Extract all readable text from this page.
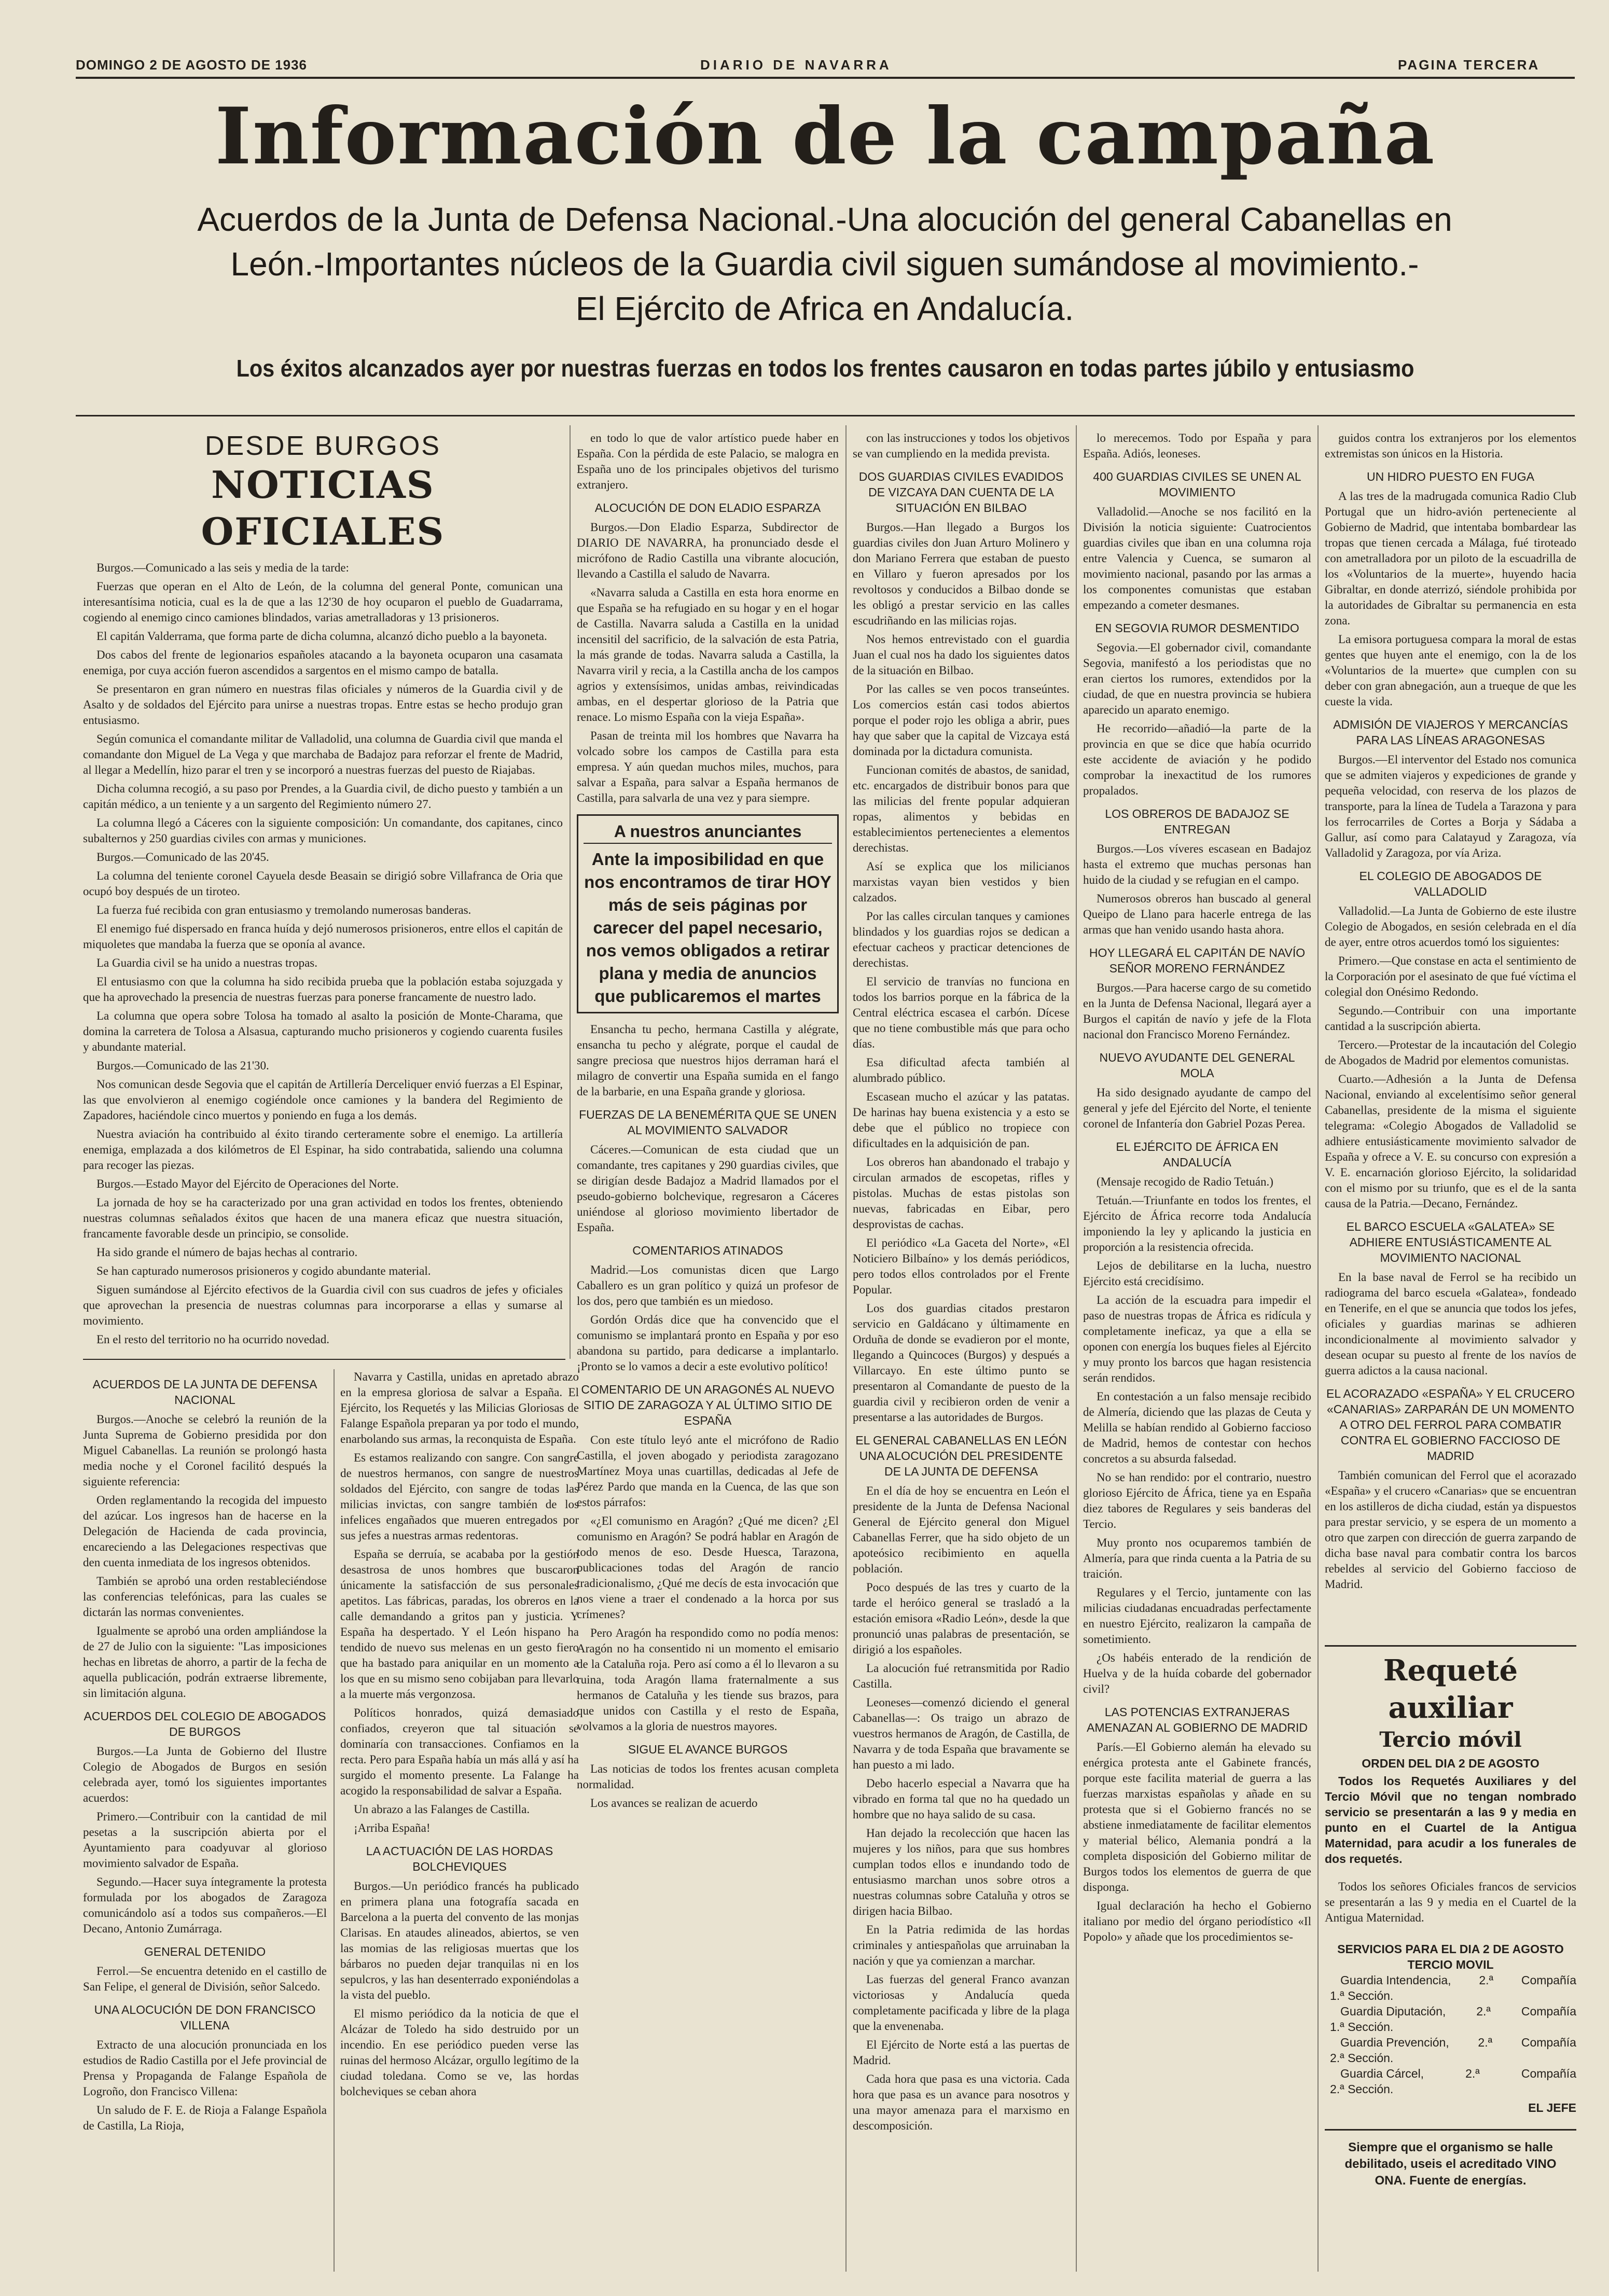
DOMINGO 2 DE AGOSTO DE 1936	DIARIO DE NAVARRA	PAGINA TERCERA
Información de la campaña
Acuerdos de la Junta de Defensa Nacional.-Una alocución del general Cabanellas en
León.-Importantes núcleos de la Guardia civil siguen sumándose al movimiento.-
El Ejército de Africa en Andalucía.
Los éxitos alcanzados ayer por nuestras fuerzas en todos los frentes causaron en todas partes júbilo y entusiasmo
DESDE BURGOS
NOTICIAS OFICIALES

Burgos.—Comunicado a las seis y media de la tarde:

Fuerzas que operan en el Alto de León, de la columna del general Ponte, comunican una interesantísima noticia, cual es la de que a las 12'30 de hoy ocuparon el pueblo de Guadarrama, cogiendo al enemigo cinco camiones blindados, varias ametralladoras y 13 prisioneros.

El capitán Valderrama, que forma parte de dicha columna, alcanzó dicho pueblo a la bayoneta.

Dos cabos del frente de legionarios españoles atacando a la bayoneta ocuparon una casamata enemiga, por cuya acción fueron ascendidos a sargentos en el mismo campo de batalla.

Se presentaron en gran número en nuestras filas oficiales y números de la Guardia civil y de Asalto y de soldados del Ejército para unirse a nuestras tropas. Entre estas se hecho produjo gran entusiasmo.

Según comunica el comandante militar de Valladolid, una columna de Guardia civil que manda el comandante don Miguel de La Vega y que marchaba de Badajoz para reforzar el frente de Madrid, al llegar a Medellín, hizo parar el tren y se incorporó a nuestras fuerzas del puesto de Riajabas.

Dicha columna recogió, a su paso por Prendes, a la Guardia civil, de dicho puesto y también a un capitán médico, a un teniente y a un sargento del Regimiento número 27.

La columna llegó a Cáceres con la siguiente composición: Un comandante, dos capitanes, cinco subalternos y 250 guardias civiles con armas y municiones.

Burgos.—Comunicado de las 20'45.

La columna del teniente coronel Cayuela desde Beasain se dirigió sobre Villafranca de Oria que ocupó boy después de un tiroteo.

La fuerza fué recibida con gran entusiasmo y tremolando numerosas banderas.

El enemigo fué dispersado en franca huída y dejó numerosos prisioneros, entre ellos el capitán de miquoletes que mandaba la fuerza que se oponía al avance.

La Guardia civil se ha unido a nuestras tropas.

El entusiasmo con que la columna ha sido recibida prueba que la población estaba sojuzgada y que ha aprovechado la presencia de nuestras fuerzas para ponerse francamente de nuestro lado.

La columna que opera sobre Tolosa ha tomado al asalto la posición de Monte-Charama, que domina la carretera de Tolosa a Alsasua, capturando mucho prisioneros y cogiendo cuarenta fusiles y abundante material.

Burgos.—Comunicado de las 21'30.

Nos comunican desde Segovia que el capitán de Artillería Derceliquer envió fuerzas a El Espinar, las que envolvieron al enemigo cogiéndole once camiones y la bandera del Regimiento de Zapadores, haciéndole cinco muertos y poniendo en fuga a los demás.

Nuestra aviación ha contribuido al éxito tirando certeramente sobre el enemigo. La artillería enemiga, emplazada a dos kilómetros de El Espinar, ha sido contrabatida, saliendo una columna para recoger las piezas.

Burgos.—Estado Mayor del Ejército de Operaciones del Norte.

La jornada de hoy se ha caracterizado por una gran actividad en todos los frentes, obteniendo nuestras columnas señalados éxitos que hacen de una manera eficaz que nuestra situación, francamente favorable desde un principio, se consolide.

Ha sido grande el número de bajas hechas al contrario.

Se han capturado numerosos prisioneros y cogido abundante material.

Siguen sumándose al Ejército efectivos de la Guardia civil con sus cuadros de jefes y oficiales que aprovechan la presencia de nuestras columnas para incorporarse a ellas y sumarse al movimiento.

En el resto del territorio no ha ocurrido novedad.

ACUERDOS DE LA JUNTA DE DEFENSA NACIONAL

Burgos.—Anoche se celebró la reunión de la Junta Suprema de Gobierno presidida por don Miguel Cabanellas. La reunión se prolongó hasta media noche y el Coronel facilitó después la siguiente referencia:

Orden reglamentando la recogida del impuesto del azúcar. Los ingresos han de hacerse en la Delegación de Hacienda de cada provincia, encareciendo a las Delegaciones respectivas que den cuenta inmediata de los ingresos obtenidos.

También se aprobó una orden restableciéndose las conferencias telefónicas, para las cuales se dictarán las normas convenientes.

Igualmente se aprobó una orden ampliándose la de 27 de Julio con la siguiente: "Las imposiciones hechas en libretas de ahorro, a partir de la fecha de aquella publicación, podrán extraerse libremente, sin limitación alguna.

ACUERDOS DEL COLEGIO DE ABOGADOS DE BURGOS

Burgos.—La Junta de Gobierno del Ilustre Colegio de Abogados de Burgos en sesión celebrada ayer, tomó los siguientes importantes acuerdos:

Primero.—Contribuir con la cantidad de mil pesetas a la suscripción abierta por el Ayuntamiento para coadyuvar al glorioso movimiento salvador de España.

Segundo.—Hacer suya íntegramente la protesta formulada por los abogados de Zaragoza comunicándolo así a todos sus compañeros.—El Decano, Antonio Zumárraga.

GENERAL DETENIDO

Ferrol.—Se encuentra detenido en el castillo de San Felipe, el general de División, señor Salcedo.

UNA ALOCUCIÓN DE DON FRANCISCO VILLENA

Extracto de una alocución pronunciada en los estudios de Radio Castilla por el Jefe provincial de Prensa y Propaganda de Falange Española de Logroño, don Francisco Villena:

Un saludo de F. E. de Rioja a Falange Española de Castilla, La Rioja,

Navarra y Castilla, unidas en apretado abrazo en la empresa gloriosa de salvar a España. El Ejército, los Requetés y las Milicias Gloriosas de Falange Española preparan ya por todo el mundo, enarbolando sus armas, la reconquista de España.

Es estamos realizando con sangre. Con sangre de nuestros hermanos, con sangre de nuestros soldados del Ejército, con sangre de todas las milicias invictas, con sangre también de los infelices engañados que mueren entregados por sus jefes a nuestras armas redentoras.

España se derruía, se acababa por la gestión desastrosa de unos hombres que buscaron únicamente la satisfacción de sus personales apetitos. Las fábricas, paradas, los obreros en la calle demandando a gritos pan y justicia. Y España ha despertado. Y el León hispano ha tendido de nuevo sus melenas en un gesto fiero que ha bastado para aniquilar en un momento a los que en su mismo seno cobijaban para llevarlo a la muerte más vergonzosa.

Políticos honrados, quizá demasiado confiados, creyeron que tal situación se dominaría con transacciones. Confiamos en la recta. Pero para España había un más allá y así ha surgido el momento presente. La Falange ha acogido la responsabilidad de salvar a España.

Un abrazo a las Falanges de Castilla.

¡Arriba España!

LA ACTUACIÓN DE LAS HORDAS BOLCHEVIQUES

Burgos.—Un periódico francés ha publicado en primera plana una fotografía sacada en Barcelona a la puerta del convento de las monjas Clarisas. En ataudes alineados, abiertos, se ven las momias de las religiosas muertas que los bárbaros no pueden dejar tranquilas ni en los sepulcros, y las han desenterrado exponiéndolas a la vista del pueblo.

El mismo periódico da la noticia de que el Alcázar de Toledo ha sido destruido por un incendio. En ese periódico pueden verse las ruinas del hermoso Alcázar, orgullo legítimo de la ciudad toledana. Como se ve, las hordas bolcheviques se ceban ahora

en todo lo que de valor artístico puede haber en España. Con la pérdida de este Palacio, se malogra en España uno de los principales objetivos del turismo extranjero.

ALOCUCIÓN DE DON ELADIO ESPARZA

Burgos.—Don Eladio Esparza, Subdirector de DIARIO DE NAVARRA, ha pronunciado desde el micrófono de Radio Castilla una vibrante alocución, llevando a Castilla el saludo de Navarra.

«Navarra saluda a Castilla en esta hora enorme en que España se ha refugiado en su hogar y en el hogar de Castilla. Navarra saluda a Castilla en la unidad incensitil del sacrificio, de la salvación de esta Patria, la más grande de todas. Navarra saluda a Castilla, la Navarra viril y recia, a la Castilla ancha de los campos agrios y extensísimos, unidas ambas, reivindicadas ambas, en el despertar glorioso de la Patria que renace. Lo mismo España con la vieja España».

Pasan de treinta mil los hombres que Navarra ha volcado sobre los campos de Castilla para esta empresa. Y aún quedan muchos miles, muchos, para salvar a España, para salvar a España hermanos de Castilla, para salvarla de una vez y para siempre.

A nuestros anunciantes
Ante la imposibilidad en que nos encontramos de tirar HOY más de seis páginas por carecer del papel necesario, nos vemos obligados a retirar plana y media de anuncios que publicaremos el martes

Ensancha tu pecho, hermana Castilla y alégrate, ensancha tu pecho y alégrate, porque el caudal de sangre preciosa que nuestros hijos derraman hará el milagro de convertir una España sumida en el fango de la barbarie, en una España grande y gloriosa.

FUERZAS DE LA BENEMÉRITA QUE SE UNEN AL MOVIMIENTO SALVADOR

Cáceres.—Comunican de esta ciudad que un comandante, tres capitanes y 290 guardias civiles, que se dirigían desde Badajoz a Madrid llamados por el pseudo-gobierno bolchevique, regresaron a Cáceres uniéndose al glorioso movimiento libertador de España.

COMENTARIOS ATINADOS

Madrid.—Los comunistas dicen que Largo Caballero es un gran político y quizá un profesor de los dos, pero que también es un miedoso.

Gordón Ordás dice que ha convencido que el comunismo se implantará pronto en España y por eso abandona su partido, para dedicarse a implantarlo. ¡Pronto se lo vamos a decir a este evolutivo político!

COMENTARIO DE UN ARAGONÉS AL NUEVO SITIO DE ZARAGOZA Y AL ÚLTIMO SITIO DE ESPAÑA

Con este título leyó ante el micrófono de Radio Castilla, el joven abogado y periodista zaragozano Martínez Moya unas cuartillas, dedicadas al Jefe de Pérez Pardo que manda en la Cuenca, de las que son estos párrafos:

«¿El comunismo en Aragón? ¿Qué me dicen? ¿El comunismo en Aragón? Se podrá hablar en Aragón de todo menos de eso. Desde Huesca, Tarazona, publicaciones todas del Aragón de rancio tradicionalismo, ¿Qué me decís de esta invocación que nos viene a traer el condenado a la horca por sus crímenes?

Pero Aragón ha respondido como no podía menos: Aragón no ha consentido ni un momento el emisario de la Cataluña roja. Pero así como a él lo llevaron a su ruina, toda Aragón llama fraternalmente a sus hermanos de Cataluña y les tiende sus brazos, para que unidos con Castilla y el resto de España, volvamos a la gloria de nuestros mayores.

SIGUE EL AVANCE BURGOS

Las noticias de todos los frentes acusan completa normalidad.

Los avances se realizan de acuerdo

con las instrucciones y todos los objetivos se van cumpliendo en la medida prevista.

DOS GUARDIAS CIVILES EVADIDOS DE VIZCAYA DAN CUENTA DE LA SITUACIÓN EN BILBAO

Burgos.—Han llegado a Burgos los guardias civiles don Juan Arturo Molinero y don Mariano Ferrera que estaban de puesto en Villaro y fueron apresados por los revoltosos y conducidos a Bilbao donde se les obligó a prestar servicio en las calles escudriñando en las milicias rojas.

Nos hemos entrevistado con el guardia Juan el cual nos ha dado los siguientes datos de la situación en Bilbao.

Por las calles se ven pocos transeúntes. Los comercios están casi todos abiertos porque el poder rojo les obliga a abrir, pues hay que saber que la capital de Vizcaya está dominada por la dictadura comunista.

Funcionan comités de abastos, de sanidad, etc. encargados de distribuir bonos para que las milicias del frente popular adquieran ropas, alimentos y bebidas en establecimientos pertenecientes a elementos derechistas.

Así se explica que los milicianos marxistas vayan bien vestidos y bien calzados.

Por las calles circulan tanques y camiones blindados y los guardias rojos se dedican a efectuar cacheos y practicar detenciones de derechistas.

El servicio de tranvías no funciona en todos los barrios porque en la fábrica de la Central eléctrica escasea el carbón. Dícese que no tiene combustible más que para ocho días.

Esa dificultad afecta también al alumbrado público.

Escasean mucho el azúcar y las patatas. De harinas hay buena existencia y a esto se debe que el público no tropiece con dificultades en la adquisición de pan.

Los obreros han abandonado el trabajo y circulan armados de escopetas, rifles y pistolas. Muchas de estas pistolas son nuevas, fabricadas en Eibar, pero desprovistas de cachas.

El periódico «La Gaceta del Norte», «El Noticiero Bilbaíno» y los demás periódicos, pero todos ellos controlados por el Frente Popular.

Los dos guardias citados prestaron servicio en Galdácano y últimamente en Orduña de donde se evadieron por el monte, llegando a Quincoces (Burgos) y después a Villarcayo. En este último punto se presentaron al Comandante de puesto de la guardia civil y recibieron orden de venir a presentarse a las autoridades de Burgos.

EL GENERAL CABANELLAS EN LEÓN UNA ALOCUCIÓN DEL PRESIDENTE DE LA JUNTA DE DEFENSA

En el día de hoy se encuentra en León el presidente de la Junta de Defensa Nacional General de Ejército general don Miguel Cabanellas Ferrer, que ha sido objeto de un apoteósico recibimiento en aquella población.

Poco después de las tres y cuarto de la tarde el heróico general se trasladó a la estación emisora «Radio León», desde la que pronunció unas palabras de presentación, se dirigió a los españoles.

La alocución fué retransmitida por Radio Castilla.

Leoneses—comenzó diciendo el general Cabanellas—: Os traigo un abrazo de vuestros hermanos de Aragón, de Castilla, de Navarra y de toda España que bravamente se han puesto a mi lado.

Debo hacerlo especial a Navarra que ha vibrado en forma tal que no ha quedado un hombre que no haya salido de su casa.

Han dejado la recolección que hacen las mujeres y los niños, para que sus hombres cumplan todos ellos e inundando todo de entusiasmo marchan unos sobre otros a nuestras columnas sobre Cataluña y otros se dirigen hacia Bilbao.

En la Patria redimida de las hordas criminales y antiespañolas que arruinaban la nación y que ya comienzan a marchar.

Las fuerzas del general Franco avanzan victoriosas y Andalucía queda completamente pacificada y libre de la plaga que la envenenaba.

El Ejército de Norte está a las puertas de Madrid.

Cada hora que pasa es una victoria. Cada hora que pasa es un avance para nosotros y una mayor amenaza para el marxismo en descomposición.

lo merecemos. Todo por España y para España. Adiós, leoneses.

400 GUARDIAS CIVILES SE UNEN AL MOVIMIENTO

Valladolid.—Anoche se nos facilitó en la División la noticia siguiente: Cuatrocientos guardias civiles que iban en una columna roja entre Valencia y Cuenca, se sumaron al movimiento nacional, pasando por las armas a los componentes comunistas que estaban empezando a cometer desmanes.

EN SEGOVIA RUMOR DESMENTIDO

Segovia.—El gobernador civil, comandante Segovia, manifestó a los periodistas que no eran ciertos los rumores, extendidos por la ciudad, de que en nuestra provincia se hubiera aparecido un aparato enemigo.

He recorrido—añadió—la parte de la provincia en que se dice que había ocurrido este accidente de aviación y he podido comprobar la inexactitud de los rumores propalados.

LOS OBREROS DE BADAJOZ SE ENTREGAN

Burgos.—Los víveres escasean en Badajoz hasta el extremo que muchas personas han huido de la ciudad y se refugian en el campo.

Numerosos obreros han buscado al general Queipo de Llano para hacerle entrega de las armas que han venido usando hasta ahora.

HOY LLEGARÁ EL CAPITÁN DE NAVÍO SEÑOR MORENO FERNÁNDEZ

Burgos.—Para hacerse cargo de su cometido en la Junta de Defensa Nacional, llegará ayer a Burgos el capitán de navío y jefe de la Flota nacional don Francisco Moreno Fernández.

NUEVO AYUDANTE DEL GENERAL MOLA

Ha sido designado ayudante de campo del general y jefe del Ejército del Norte, el teniente coronel de Infantería don Gabriel Pozas Perea.

EL EJÉRCITO DE ÁFRICA EN ANDALUCÍA

(Mensaje recogido de Radio Tetuán.)

Tetuán.—Triunfante en todos los frentes, el Ejército de África recorre toda Andalucía imponiendo la ley y aplicando la justicia en proporción a la resistencia ofrecida.

Lejos de debilitarse en la lucha, nuestro Ejército está crecidísimo.

La acción de la escuadra para impedir el paso de nuestras tropas de África es ridícula y completamente ineficaz, ya que a ella se oponen con energía los buques fieles al Ejército y muy pronto los barcos que hagan resistencia serán rendidos.

En contestación a un falso mensaje recibido de Almería, diciendo que las plazas de Ceuta y Melilla se habían rendido al Gobierno faccioso de Madrid, hemos de contestar con hechos concretos a su absurda falsedad.

No se han rendido: por el contrario, nuestro glorioso Ejército de África, tiene ya en España diez tabores de Regulares y seis banderas del Tercio.

Muy pronto nos ocuparemos también de Almería, para que rinda cuenta a la Patria de su traición.

Regulares y el Tercio, juntamente con las milicias ciudadanas encuadradas perfectamente en nuestro Ejército, realizaron la campaña de sometimiento.

¿Os habéis enterado de la rendición de Huelva y de la huída cobarde del gobernador civil?

LAS POTENCIAS EXTRANJERAS AMENAZAN AL GOBIERNO DE MADRID

París.—El Gobierno alemán ha elevado su enérgica protesta ante el Gabinete francés, porque este facilita material de guerra a las fuerzas marxistas españolas y añade en su protesta que si el Gobierno francés no se abstiene inmediatamente de facilitar elementos y material bélico, Alemania pondrá a la completa disposición del Gobierno militar de Burgos todos los elementos de guerra de que disponga.

Igual declaración ha hecho el Gobierno italiano por medio del órgano periodístico «Il Popolo» y añade que los procedimientos se-

guidos contra los extranjeros por los elementos extremistas son únicos en la Historia.

UN HIDRO PUESTO EN FUGA

A las tres de la madrugada comunica Radio Club Portugal que un hidro-avión perteneciente al Gobierno de Madrid, que intentaba bombardear las tropas que tienen cercada a Málaga, fué tiroteado con ametralladora por un piloto de la escuadrilla de los «Voluntarios de la muerte», huyendo hacia Gibraltar, en donde aterrizó, siéndole prohibida por la autoridades de Gibraltar su permanencia en esta zona.

La emisora portuguesa compara la moral de estas gentes que huyen ante el enemigo, con la de los «Voluntarios de la muerte» que cumplen con su deber con gran abnegación, aun a trueque de que les cueste la vida.

ADMISIÓN DE VIAJEROS Y MERCANCÍAS PARA LAS LÍNEAS ARAGONESAS

Burgos.—El interventor del Estado nos comunica que se admiten viajeros y expediciones de grande y pequeña velocidad, con reserva de los plazos de transporte, para la línea de Tudela a Tarazona y para los ferrocarriles de Cortes a Borja y Sádaba a Gallur, así como para Calatayud y Zaragoza, vía Valladolid y Zaragoza, por vía Ariza.

EL COLEGIO DE ABOGADOS DE VALLADOLID

Valladolid.—La Junta de Gobierno de este ilustre Colegio de Abogados, en sesión celebrada en el día de ayer, entre otros acuerdos tomó los siguientes:

Primero.—Que constase en acta el sentimiento de la Corporación por el asesinato de que fué víctima el colegial don Onésimo Redondo.

Segundo.—Contribuir con una importante cantidad a la suscripción abierta.

Tercero.—Protestar de la incautación del Colegio de Abogados de Madrid por elementos comunistas.

Cuarto.—Adhesión a la Junta de Defensa Nacional, enviando al excelentísimo señor general Cabanellas, presidente de la misma el siguiente telegrama: «Colegio Abogados de Valladolid se adhiere entusiásticamente movimiento salvador de España y ofrece a V. E. su concurso con expresión a V. E. encarnación glorioso Ejército, la solidaridad con el mismo por su triunfo, que es el de la santa causa de la Patria.—Decano, Fernández.

EL BARCO ESCUELA «GALATEA» SE ADHIERE ENTUSIÁSTICAMENTE AL MOVIMIENTO NACIONAL

En la base naval de Ferrol se ha recibido un radiograma del barco escuela «Galatea», fondeado en Tenerife, en el que se anuncia que todos los jefes, oficiales y guardias marinas se adhieren incondicionalmente al movimiento salvador y desean ocupar su puesto al frente de los navíos de guerra adictos a la causa nacional.

EL ACORAZADO «ESPAÑA» Y EL CRUCERO «CANARIAS» ZARPARÁN DE UN MOMENTO A OTRO DEL FERROL PARA COMBATIR CONTRA EL GOBIERNO FACCIOSO DE MADRID

También comunican del Ferrol que el acorazado «España» y el crucero «Canarias» que se encuentran en los astilleros de dicha ciudad, están ya dispuestos para prestar servicio, y se espera de un momento a otro que zarpen con dirección de guerra zarpando de dicha base naval para combatir contra los barcos rebeldes al servicio del Gobierno faccioso de Madrid.

Requeté auxiliar
Tercio móvil
ORDEN DEL DIA 2 DE AGOSTO
Todos los Requetés Auxiliares y del Tercio Móvil que no tengan nombrado servicio se presentarán a las 9 y media en punto en el Cuartel de la Antigua Maternidad, para acudir a los funerales de dos requetés.
Todos los señores Oficiales francos de servicios se presentarán a las 9 y media en el Cuartel de la Antigua Maternidad.
SERVICIOS PARA EL DIA 2 DE AGOSTO
TERCIO MOVIL
Guardia Intendencia, 2.ª Compañía
1.ª Sección.
Guardia Diputación,	2.ª	Compañía
1.ª Sección.
Guardia Prevención, 2.ª Compañía
2.ª Sección.
Guardia Cárcel,	2.ª	Compañía
2.ª Sección.
EL JEFE
Siempre que el organismo se halle debilitado, useis el acreditado VINO ONA. Fuente de energías.
